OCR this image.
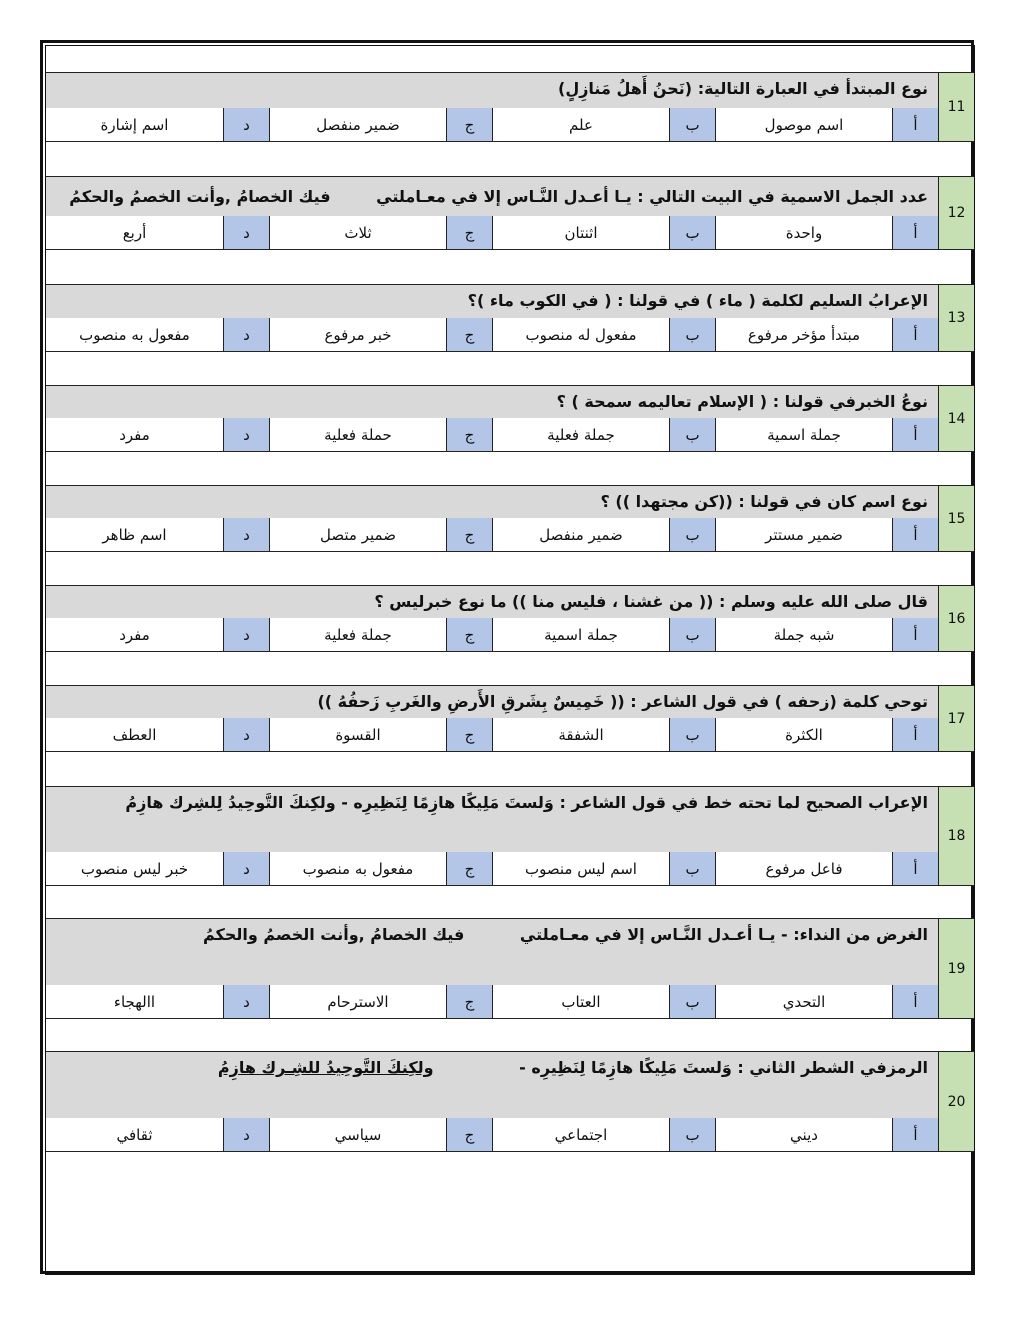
11
نوع المبتدأ في العبارة التالية: (نَحنُ أَهلُ مَنازِلٍ)
أ
اسم موصول
ب
علم
ج
ضمير منفصل
د
اسم إشارة
12
عدد الجمل الاسمية في البيت التالي : يـا أعـدل النَّـاس إلا في معـاملتي فيك الخصامُ ,وأنت الخصمُ والحكمُ
أ
واحدة
ب
اثنتان
ج
ثلاث
د
أربع
13
الإعرابُ السليم لكلمة ( ماء ) في قولنا : ( في الكوب ماء )؟
أ
مبتدأ مؤخر مرفوع
ب
مفعول له منصوب
ج
خبر مرفوع
د
مفعول به منصوب
14
نوعُ الخبرفي قولنا : ( الإسلام تعاليمه سمحة ) ؟
أ
جملة اسمية
ب
جملة فعلية
ج
حملة فعلية
د
مفرد
15
نوع اسم كان في قولنا : ((كن مجتهدا )) ؟
أ
ضمير مستتر
ب
ضمير منفصل
ج
ضمير متصل
د
اسم ظاهر
16
قال صلى الله عليه وسلم : (( من غشنا ، فليس منا )) ما نوع خبرليس ؟
أ
شبه جملة
ب
جملة اسمية
ج
جملة فعلية
د
مفرد
17
توحي كلمة (زحفه ) في قول الشاعر : (( خَمِيسٌ بِشَرقِ الأَرضِ والغَربِ زَحفُهُ ))
أ
الكثرة
ب
الشفقة
ج
القسوة
د
العطف
18
الإعراب الصحيح لما تحته خط في قول الشاعر : وَلستَ مَلِيكًا هازِمًا لِنَظِيرِه - ولكِنكَ التَّوحِيدُ لِلشِرك هازِمُ
أ
فاعل مرفوع
ب
اسم ليس منصوب
ج
مفعول به منصوب
د
خبر ليس منصوب
19
الغرض من النداء: - يـا أعـدل النَّـاس إلا في معـاملتي فيك الخصامُ ,وأنت الخصمُ والحكمُ
أ
التحدي
ب
العتاب
ج
الاسترحام
د
االهجاء
20
الرمزفي الشطر الثاني : وَلستَ مَلِيكًا هازِمًا لِنَظِيرِه - ولكِنكَ التَّوحِيدُ للشِـرك هازِمُ
أ
ديني
ب
اجتماعي
ج
سياسي
د
ثقافي
